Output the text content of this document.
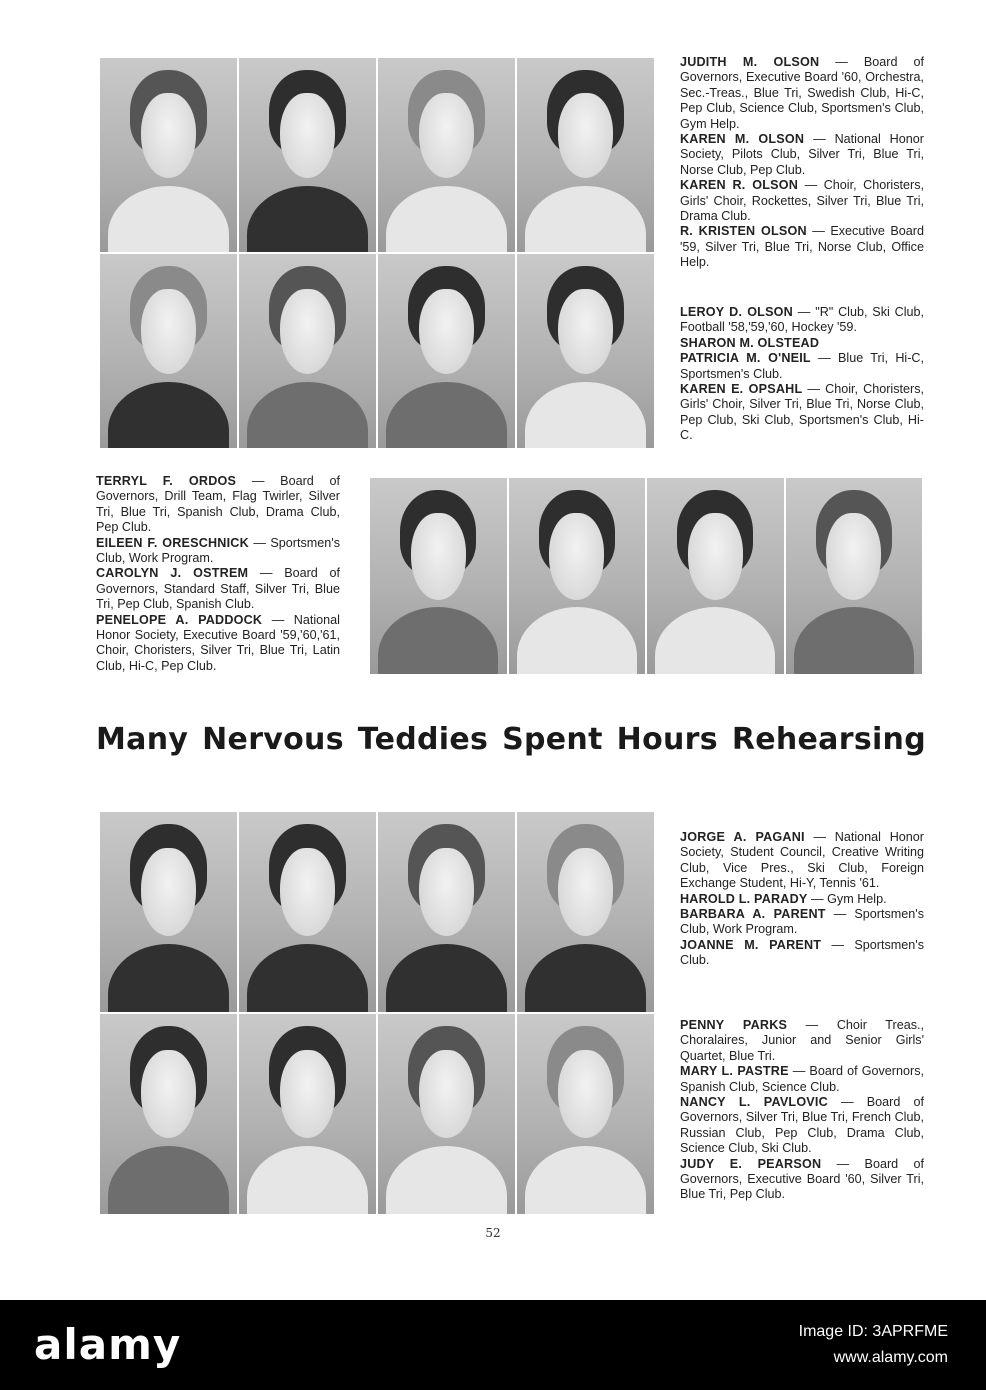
JUDITH M. OLSON — Board of Governors, Executive Board '60, Orchestra, Sec.-Treas., Blue Tri, Swedish Club, Hi-C, Pep Club, Science Club, Sportsmen's Club, Gym Help.

KAREN M. OLSON — National Honor Society, Pilots Club, Silver Tri, Blue Tri, Norse Club, Pep Club.

KAREN R. OLSON — Choir, Choristers, Girls' Choir, Rockettes, Silver Tri, Blue Tri, Drama Club.

R. KRISTEN OLSON — Executive Board '59, Silver Tri, Blue Tri, Norse Club, Office Help.

LEROY D. OLSON — "R" Club, Ski Club, Football '58,'59,'60, Hockey '59.

SHARON M. OLSTEAD

PATRICIA M. O'NEIL — Blue Tri, Hi-C, Sportsmen's Club.

KAREN E. OPSAHL — Choir, Choristers, Girls' Choir, Silver Tri, Blue Tri, Norse Club, Pep Club, Ski Club, Sportsmen's Club, Hi-C.

TERRYL F. ORDOS — Board of Governors, Drill Team, Flag Twirler, Silver Tri, Blue Tri, Spanish Club, Drama Club, Pep Club.

EILEEN F. ORESCHNICK — Sportsmen's Club, Work Program.

CAROLYN J. OSTREM — Board of Governors, Standard Staff, Silver Tri, Blue Tri, Pep Club, Spanish Club.

PENELOPE A. PADDOCK — National Honor Society, Executive Board '59,'60,'61, Choir, Choristers, Silver Tri, Blue Tri, Latin Club, Hi-C, Pep Club.

Many Nervous Teddies Spent Hours Rehearsing

JORGE A. PAGANI — National Honor Society, Student Council, Creative Writing Club, Vice Pres., Ski Club, Foreign Exchange Student, Hi-Y, Tennis '61.

HAROLD L. PARADY — Gym Help.

BARBARA A. PARENT — Sportsmen's Club, Work Program.

JOANNE M. PARENT — Sportsmen's Club.

PENNY PARKS — Choir Treas., Choralaires, Junior and Senior Girls' Quartet, Blue Tri.

MARY L. PASTRE — Board of Governors, Spanish Club, Science Club.

NANCY L. PAVLOVIC — Board of Governors, Silver Tri, Blue Tri, French Club, Russian Club, Pep Club, Drama Club, Science Club, Ski Club.

JUDY E. PEARSON — Board of Governors, Executive Board '60, Silver Tri, Blue Tri, Pep Club.

52
alamy	Image ID: 3APRFME
www.alamy.com
